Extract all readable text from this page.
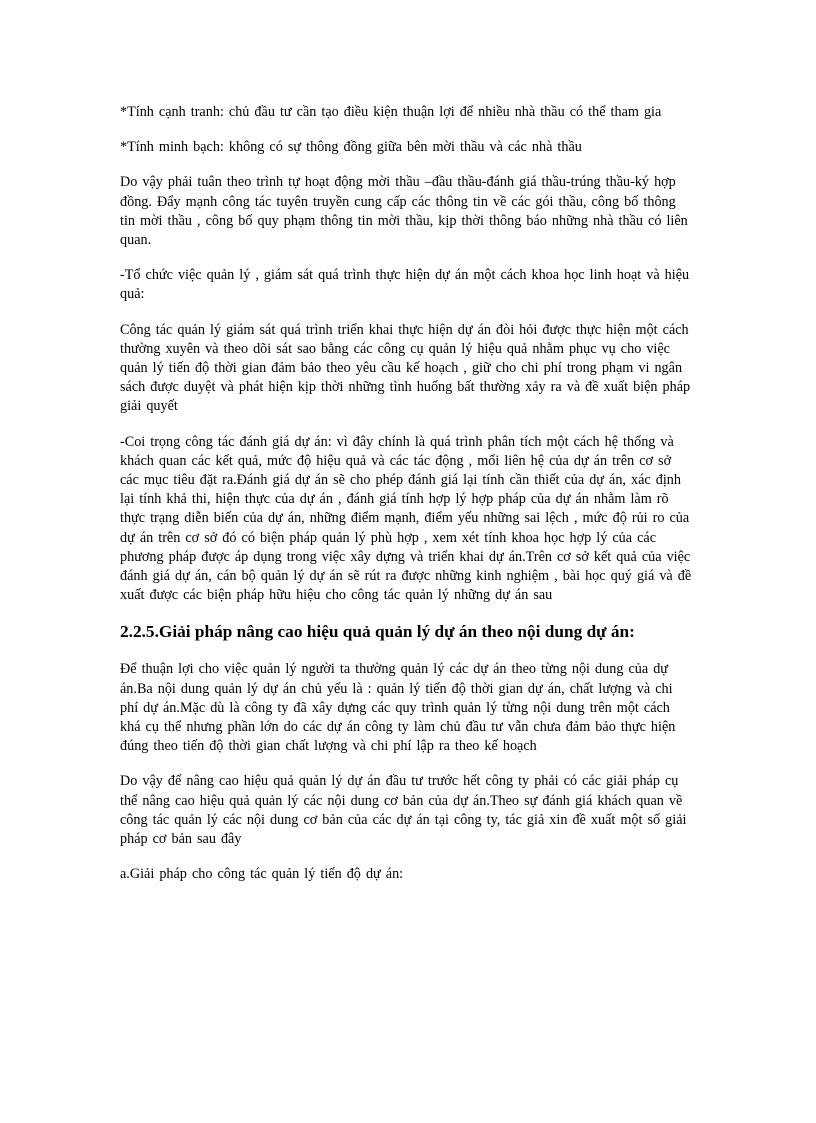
*Tính cạnh tranh: chủ đầu tư cần tạo điều kiện thuận lợi để nhiều nhà thầu có thể tham gia

*Tính minh bạch: không có sự thông đồng giữa bên mời thầu và các nhà thầu

Do vậy phải tuân theo trình tự hoạt động mời thầu –đầu thầu-đánh giá thầu-trúng thầu-ký hợp đồng. Đẩy mạnh công tác tuyên truyền cung cấp các thông tin về các gói thầu, công bố thông tin mời thầu , công bố quy phạm thông tin mời thầu, kịp thời thông báo những nhà thầu có liên quan.

-Tổ chức việc quản lý , giám sát quá trình thực hiện dự án một cách khoa học linh hoạt và hiệu quả:

Công tác quản lý giám sát quá trình triển khai thực hiện dự án đòi hỏi được thực hiện một cách thường xuyên và theo dõi sát sao bằng các công cụ quản lý hiệu quả nhằm phục vụ cho việc quản lý tiến độ thời gian đảm bảo theo yêu cầu kế hoạch , giữ cho chi phí trong phạm vi ngân sách được duyệt và phát hiện kịp thời những tình huống bất thường xảy ra và đề xuất biện pháp giải quyết

-Coi trọng công tác đánh giá dự án: vì đây chính là quá trình phân tích một cách hệ thống và khách quan các kết quả, mức độ hiệu quả và các tác động , mối liên hệ của dự án trên cơ sở các mục tiêu đặt ra.Đánh giá dự án sẽ cho phép đánh giá lại tính cần thiết của dự án, xác định lại tính khả thi, hiện thực của dự án , đánh giá tính hợp lý hợp pháp của dự án nhằm làm rõ thực trạng diễn biến của dự án, những điểm mạnh, điểm yếu những sai lệch , mức độ rủi ro của dự án trên cơ sở đó có biện pháp quản lý phù hợp , xem xét tính khoa học hợp lý của các phương pháp được áp dụng trong việc xây dựng và triển khai dự án.Trên cơ sở kết quả của việc đánh giá dự án, cán bộ quản lý dự án sẽ rút ra được những kinh nghiệm , bài học quý giá và đề xuất được các biện pháp hữu hiệu cho công tác quản lý những dự án sau

2.2.5.Giải pháp nâng cao hiệu quả quản lý dự án theo nội dung dự án:

Để thuận lợi cho việc quản lý người ta thường quản lý các dự án theo từng nội dung của dự án.Ba nội dung quản lý dự án chủ yếu là : quản lý tiến độ thời gian dự án, chất lượng và chi phí dự án.Mặc dù là công ty đã xây dựng các quy trình quản lý từng nội dung trên một cách khá cụ thể nhưng phần lớn do các dự án công ty làm chủ đầu tư vẫn chưa đảm bảo thực hiện đúng theo tiến độ thời gian chất lượng và chi phí lập ra theo kế hoạch

Do vậy để nâng cao hiệu quả quản lý dự án đầu tư trước hết công ty phải có các giải pháp cụ thể nâng cao hiệu quả quản lý các nội dung cơ bản của dự án.Theo sự đánh giá khách quan về công tác quản lý các nội dung cơ bản của các dự án tại công ty, tác giả xin đề xuất một số giải pháp cơ bản sau đây

a.Giải pháp cho công tác quản lý tiến độ dự án:
